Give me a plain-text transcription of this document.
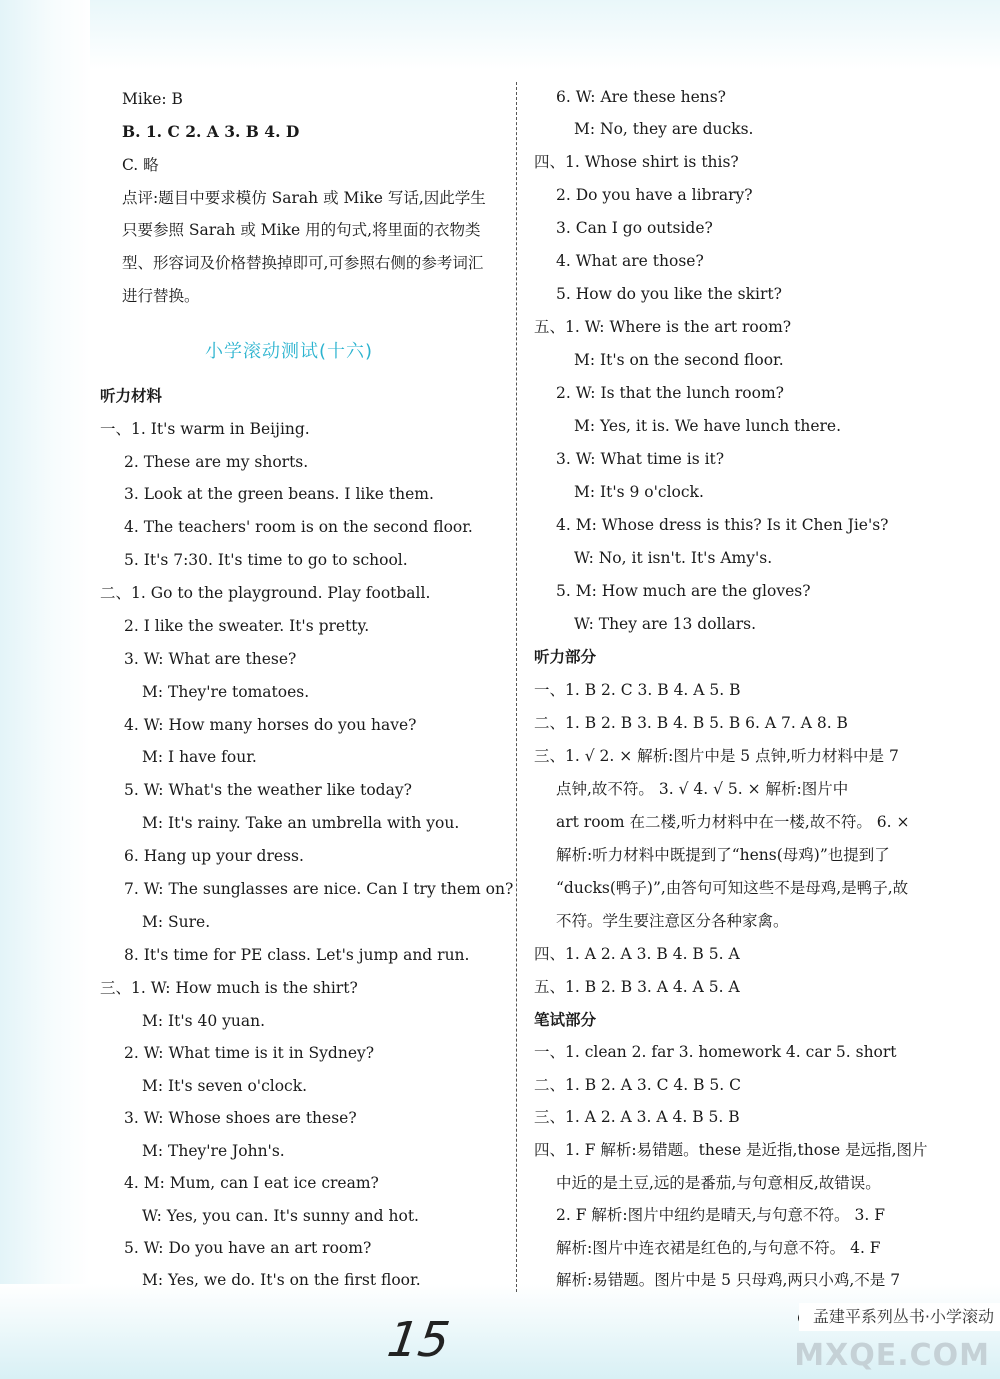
Mike: B
B. 1. C 2. A 3. B 4. D
C. 略
点评:题目中要求模仿 Sarah 或 Mike 写话,因此学生
只要参照 Sarah 或 Mike 用的句式,将里面的衣物类
型、形容词及价格替换掉即可,可参照右侧的参考词汇
进行替换。
小学滚动测试(十六)
听力材料
一、1. It's warm in Beijing.
2. These are my shorts.
3. Look at the green beans. I like them.
4. The teachers' room is on the second floor.
5. It's 7:30. It's time to go to school.
二、1. Go to the playground. Play football.
2. I like the sweater. It's pretty.
3. W: What are these?
M: They're tomatoes.
4. W: How many horses do you have?
M: I have four.
5. W: What's the weather like today?
M: It's rainy. Take an umbrella with you.
6. Hang up your dress.
7. W: The sunglasses are nice. Can I try them on?
M: Sure.
8. It's time for PE class. Let's jump and run.
三、1. W: How much is the shirt?
M: It's 40 yuan.
2. W: What time is it in Sydney?
M: It's seven o'clock.
3. W: Whose shoes are these?
M: They're John's.
4. M: Mum, can I eat ice cream?
W: Yes, you can. It's sunny and hot.
5. W: Do you have an art room?
M: Yes, we do. It's on the first floor.
6. W: Are these hens?
M: No, they are ducks.
四、1. Whose shirt is this?
2. Do you have a library?
3. Can I go outside?
4. What are those?
5. How do you like the skirt?
五、1. W: Where is the art room?
M: It's on the second floor.
2. W: Is that the lunch room?
M: Yes, it is. We have lunch there.
3. W: What time is it?
M: It's 9 o'clock.
4. M: Whose dress is this? Is it Chen Jie's?
W: No, it isn't. It's Amy's.
5. M: How much are the gloves?
W: They are 13 dollars.
听力部分
一、1. B 2. C 3. B 4. A 5. B
二、1. B 2. B 3. B 4. B 5. B 6. A 7. A 8. B
三、1. √ 2. × 解析:图片中是 5 点钟,听力材料中是 7
点钟,故不符。 3. √ 4. √ 5. × 解析:图片中
art room 在二楼,听力材料中在一楼,故不符。 6. ×
解析:听力材料中既提到了“hens(母鸡)”也提到了
“ducks(鸭子)”,由答句可知这些不是母鸡,是鸭子,故
不符。学生要注意区分各种家禽。
四、1. A 2. A 3. B 4. B 5. A
五、1. B 2. B 3. A 4. A 5. A
笔试部分
一、1. clean 2. far 3. homework 4. car 5. short
二、1. B 2. A 3. C 4. B 5. C
三、1. A 2. A 3. A 4. B 5. B
四、1. F 解析:易错题。these 是近指,those 是远指,图片
中近的是土豆,远的是番茄,与句意相反,故错误。
2. F 解析:图片中纽约是晴天,与句意不符。 3. F
解析:图片中连衣裙是红色的,与句意不符。 4. F
解析:易错题。图片中是 5 只母鸡,两只小鸡,不是 7
15	孟建平系列丛书·小学滚动
MXQE.COM
